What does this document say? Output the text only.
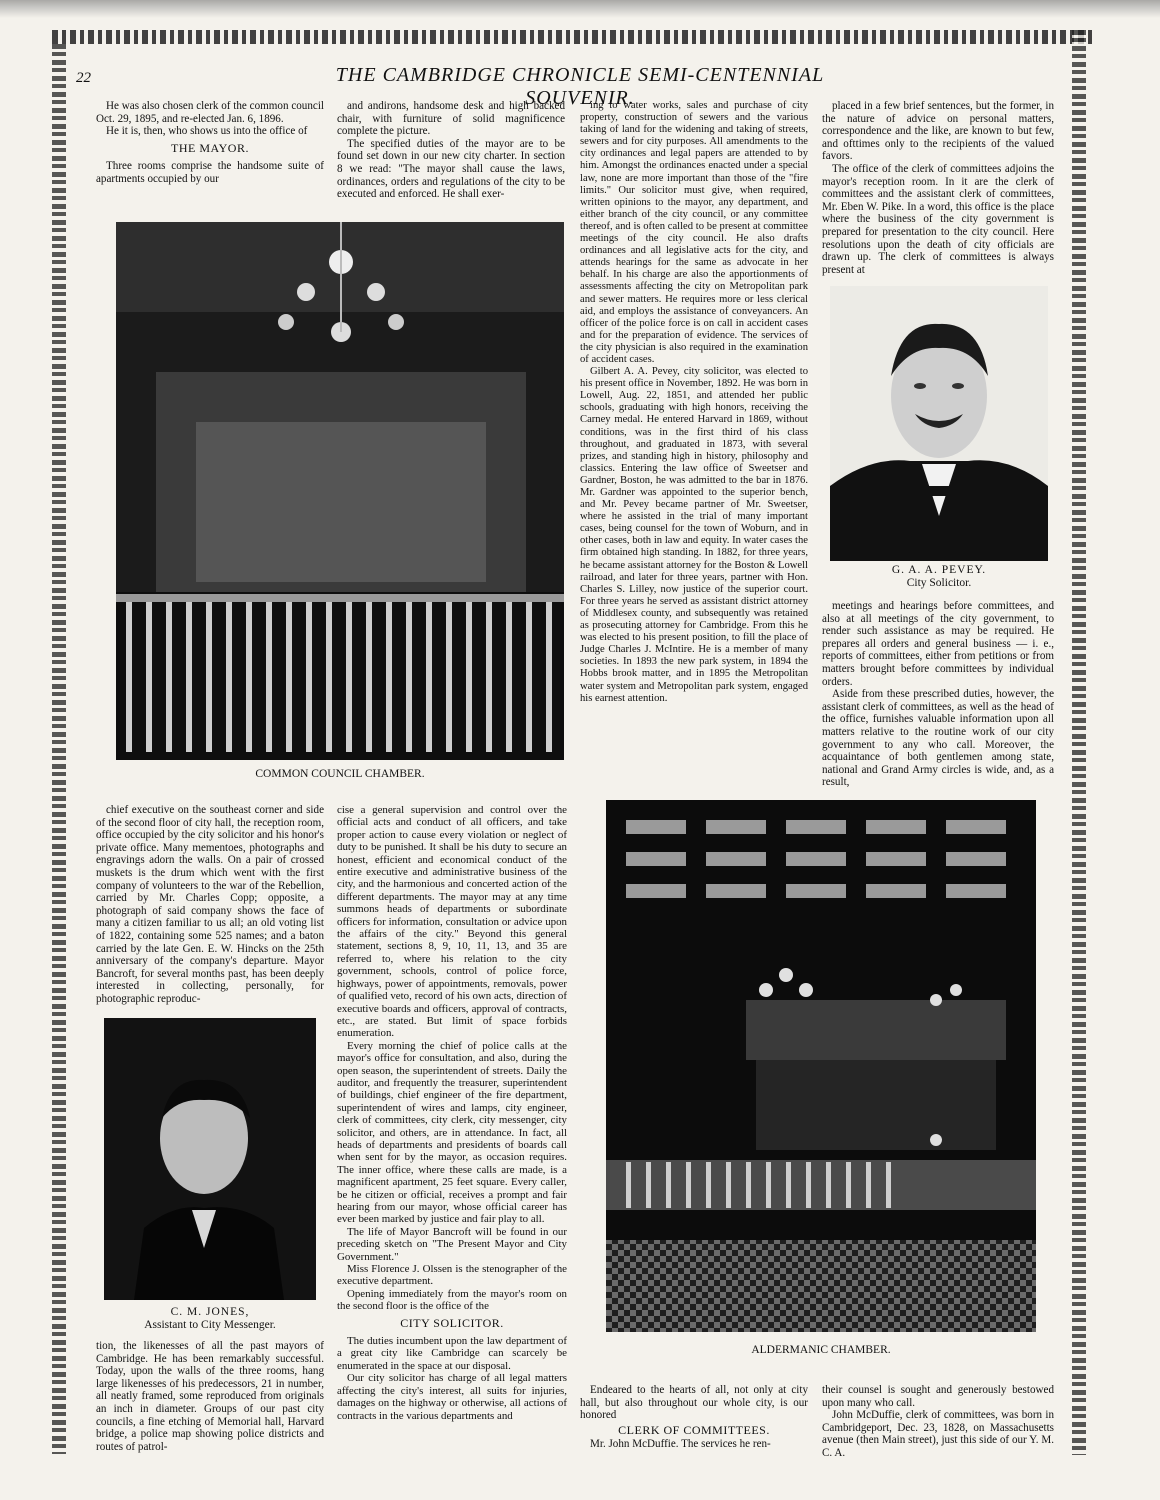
22	THE CAMBRIDGE CHRONICLE SEMI-CENTENNIAL SOUVENIR.

He was also chosen clerk of the common council Oct. 29, 1895, and re-elected Jan. 6, 1896.

He it is, then, who shows us into the office of

THE MAYOR.

Three rooms comprise the handsome suite of apartments occupied by our

and andirons, handsome desk and high backed chair, with furniture of solid magnificence complete the picture.

The specified duties of the mayor are to be found set down in our new city charter. In section 8 we read: "The mayor shall cause the laws, ordinances, orders and regulations of the city to be executed and enforced. He shall exer-

ing to water works, sales and purchase of city property, construction of sewers and the various taking of land for the widening and taking of streets, sewers and for city purposes. All amendments to the city ordinances and legal papers are attended to by him. Amongst the ordinances enacted under a special law, none are more important than those of the "fire limits." Our solicitor must give, when required, written opinions to the mayor, any department, and either branch of the city council, or any committee thereof, and is often called to be present at committee meetings of the city council. He also drafts ordinances and all legislative acts for the city, and attends hearings for the same as advocate in her behalf. In his charge are also the apportionments of assessments affecting the city on Metropolitan park and sewer matters. He requires more or less clerical aid, and employs the assistance of conveyancers. An officer of the police force is on call in accident cases and for the preparation of evidence. The services of the city physician is also required in the examination of accident cases.

Gilbert A. A. Pevey, city solicitor, was elected to his present office in November, 1892. He was born in Lowell, Aug. 22, 1851, and attended her public schools, graduating with high honors, receiving the Carney medal. He entered Harvard in 1869, without conditions, was in the first third of his class throughout, and graduated in 1873, with several prizes, and standing high in history, philosophy and classics. Entering the law office of Sweetser and Gardner, Boston, he was admitted to the bar in 1876. Mr. Gardner was appointed to the superior bench, and Mr. Pevey became partner of Mr. Sweetser, where he assisted in the trial of many important cases, being counsel for the town of Woburn, and in other cases, both in law and equity. In water cases the firm obtained high standing. In 1882, for three years, he became assistant attorney for the Boston & Lowell railroad, and later for three years, partner with Hon. Charles S. Lilley, now justice of the superior court. For three years he served as assistant district attorney of Middlesex county, and subsequently was retained as prosecuting attorney for Cambridge. From this he was elected to his present position, to fill the place of Judge Charles J. McIntire. He is a member of many societies. In 1893 the new park system, in 1894 the Hobbs brook matter, and in 1895 the Metropolitan water system and Metropolitan park system, engaged his earnest attention.

placed in a few brief sentences, but the former, in the nature of advice on personal matters, correspondence and the like, are known to but few, and ofttimes only to the recipients of the valued favors.

The office of the clerk of committees adjoins the mayor's reception room. In it are the clerk of committees and the assistant clerk of committees, Mr. Eben W. Pike. In a word, this office is the place where the business of the city government is prepared for presentation to the city council. Here resolutions upon the death of city officials are drawn up. The clerk of committees is always present at

COMMON COUNCIL CHAMBER.
G. A. A. PEVEY.
City Solicitor.

meetings and hearings before committees, and also at all meetings of the city government, to render such assistance as may be required. He prepares all orders and general business — i. e., reports of committees, either from petitions or from matters brought before committees by individual orders.

Aside from these prescribed duties, however, the assistant clerk of committees, as well as the head of the office, furnishes valuable information upon all matters relative to the routine work of our city government to any who call. Moreover, the acquaintance of both gentlemen among state, national and Grand Army circles is wide, and, as a result,

chief executive on the southeast corner and side of the second floor of city hall, the reception room, office occupied by the city solicitor and his honor's private office. Many mementoes, photographs and engravings adorn the walls. On a pair of crossed muskets is the drum which went with the first company of volunteers to the war of the Rebellion, carried by Mr. Charles Copp; opposite, a photograph of said company shows the face of many a citizen familiar to us all; an old voting list of 1822, containing some 525 names; and a baton carried by the late Gen. E. W. Hincks on the 25th anniversary of the company's departure. Mayor Bancroft, for several months past, has been deeply interested in collecting, personally, for photographic reproduc-

C. M. JONES,
Assistant to City Messenger.

tion, the likenesses of all the past mayors of Cambridge. He has been remarkably successful. Today, upon the walls of the three rooms, hang large likenesses of his predecessors, 21 in number, all neatly framed, some reproduced from originals an inch in diameter. Groups of our past city councils, a fine etching of Memorial hall, Harvard bridge, a police map showing police districts and routes of patrol-

cise a general supervision and control over the official acts and conduct of all officers, and take proper action to cause every violation or neglect of duty to be punished. It shall be his duty to secure an honest, efficient and economical conduct of the entire executive and administrative business of the city, and the harmonious and concerted action of the different departments. The mayor may at any time summons heads of departments or subordinate officers for information, consultation or advice upon the affairs of the city." Beyond this general statement, sections 8, 9, 10, 11, 13, and 35 are referred to, where his relation to the city government, schools, control of police force, highways, power of appointments, removals, power of qualified veto, record of his own acts, direction of executive boards and officers, approval of contracts, etc., are stated. But limit of space forbids enumeration.

Every morning the chief of police calls at the mayor's office for consultation, and also, during the open season, the superintendent of streets. Daily the auditor, and frequently the treasurer, superintendent of buildings, chief engineer of the fire department, superintendent of wires and lamps, city engineer, clerk of committees, city clerk, city messenger, city solicitor, and others, are in attendance. In fact, all heads of departments and presidents of boards call when sent for by the mayor, as occasion requires. The inner office, where these calls are made, is a magnificent apartment, 25 feet square. Every caller, be he citizen or official, receives a prompt and fair hearing from our mayor, whose official career has ever been marked by justice and fair play to all.

The life of Mayor Bancroft will be found in our preceding sketch on "The Present Mayor and City Government."

Miss Florence J. Olssen is the stenographer of the executive department.

Opening immediately from the mayor's room on the second floor is the office of the

CITY SOLICITOR.

The duties incumbent upon the law department of a great city like Cambridge can scarcely be enumerated in the space at our disposal.

Our city solicitor has charge of all legal matters affecting the city's interest, all suits for injuries, damages on the highway or otherwise, all actions of contracts in the various departments and

ALDERMANIC CHAMBER.

Endeared to the hearts of all, not only at city hall, but also throughout our whole city, is our honored

CLERK OF COMMITTEES.

Mr. John McDuffie. The services he ren-

their counsel is sought and generously bestowed upon many who call.

John McDuffie, clerk of committees, was born in Cambridgeport, Dec. 23, 1828, on Massachusetts avenue (then Main street), just this side of our Y. M. C. A.
